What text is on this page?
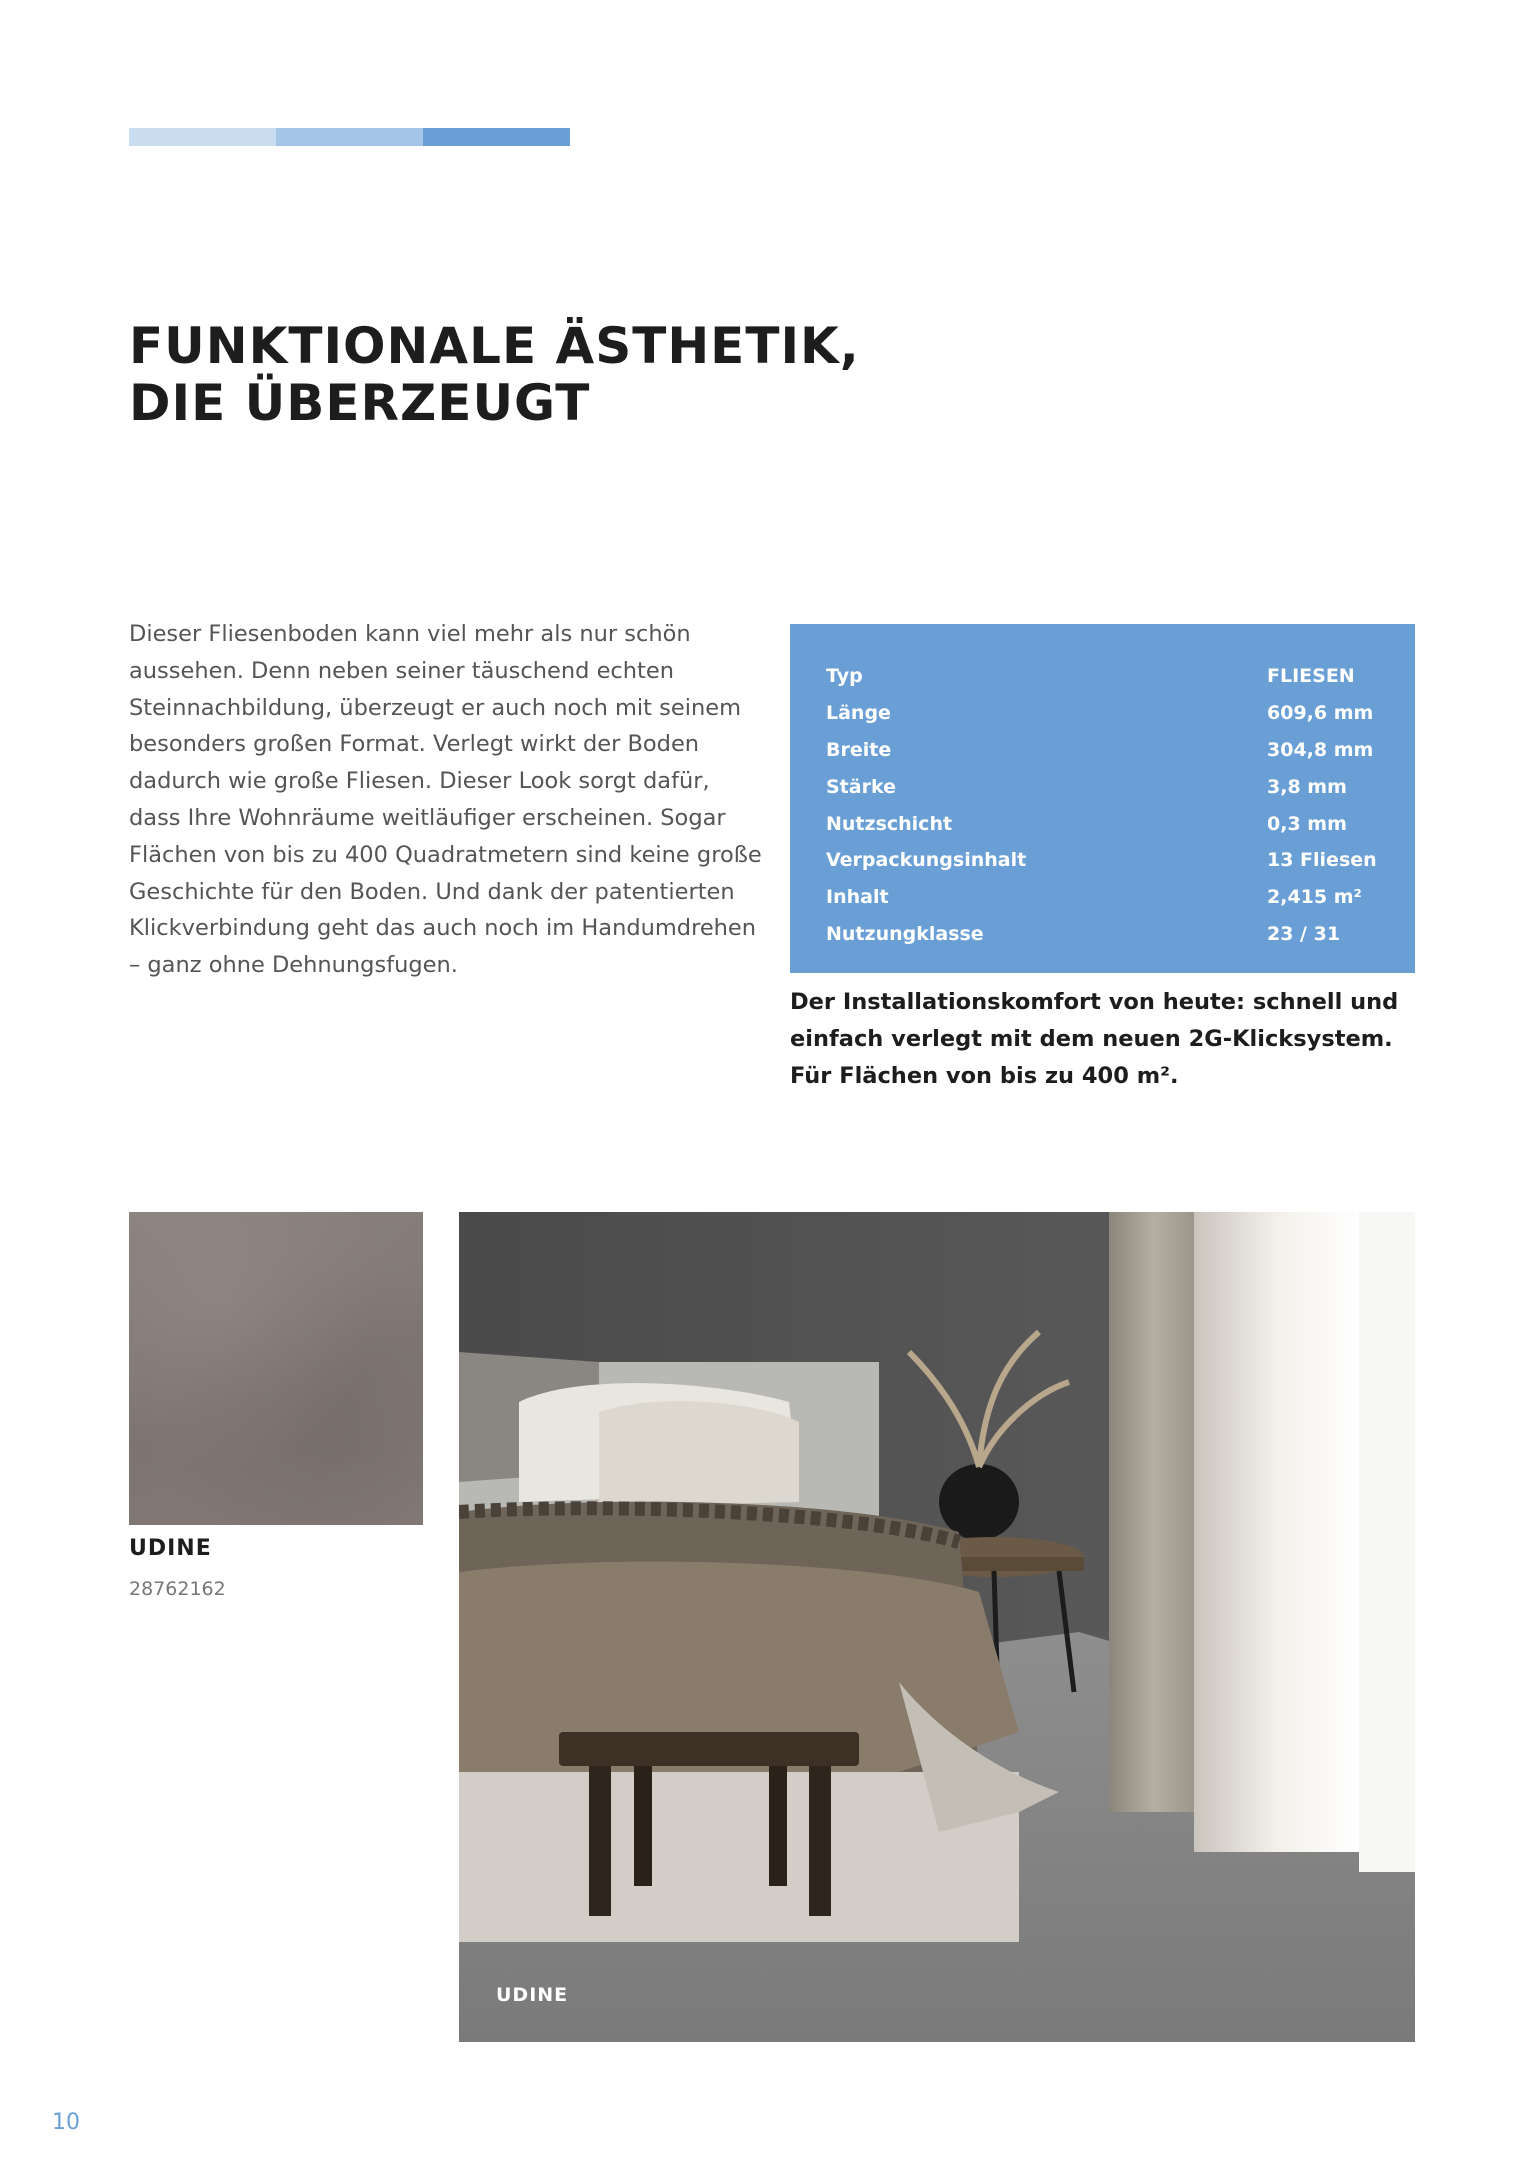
FUNKTIONALE ÄSTHETIK,
DIE ÜBERZEUGT

Dieser Fliesenboden kann viel mehr als nur schön
aussehen. Denn neben seiner täuschend echten
Steinnachbildung, überzeugt er auch noch mit seinem
besonders großen Format. Verlegt wirkt der Boden
dadurch wie große Fliesen. Dieser Look sorgt dafür,
dass Ihre Wohnräume weitläufiger erscheinen. Sogar
Flächen von bis zu 400 Quadratmetern sind keine große
Geschichte für den Boden. Und dank der patentierten
Klickverbindung geht das auch noch im Handumdrehen
– ganz ohne Dehnungsfugen.

Typ	FLIESEN
Länge	609,6 mm
Breite	304,8 mm
Stärke	3,8 mm
Nutzschicht	0,3 mm
Verpackungsinhalt	13 Fliesen
Inhalt	2,415 m²
Nutzungklasse	23 / 31

Der Installationskomfort von heute: schnell und
einfach verlegt mit dem neuen 2G-Klicksystem.
Für Flächen von bis zu 400 m².

UDINE

28762162

UDINE

10
